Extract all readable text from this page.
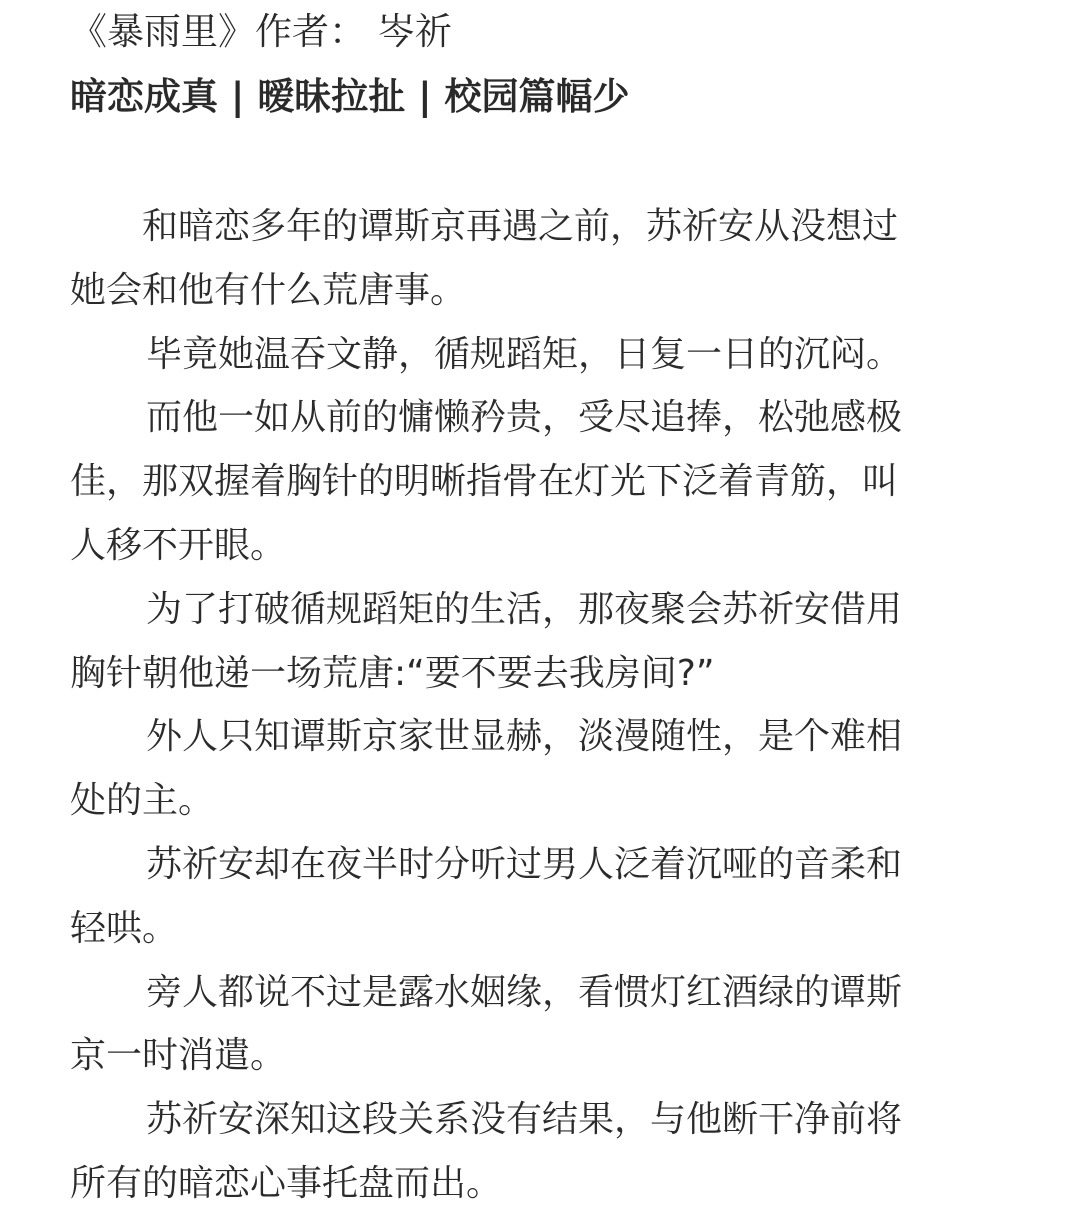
《暴雨里》作者： 岑祈
暗恋成真 | 暧昧拉扯 | 校园篇幅少

和暗恋多年的谭斯京再遇之前，苏祈安从没想过
她会和他有什么荒唐事。

毕竟她温吞文静，循规蹈矩，日复一日的沉闷。

而他一如从前的慵懒矜贵，受尽追捧，松弛感极
佳，那双握着胸针的明晰指骨在灯光下泛着青筋，叫
人移不开眼。

为了打破循规蹈矩的生活，那夜聚会苏祈安借用
胸针朝他递一场荒唐:“要不要去我房间?”

外人只知谭斯京家世显赫，淡漫随性，是个难相
处的主。

苏祈安却在夜半时分听过男人泛着沉哑的音柔和
轻哄。

旁人都说不过是露水姻缘，看惯灯红酒绿的谭斯
京一时消遣。

苏祈安深知这段关系没有结果，与他断干净前将
所有的暗恋心事托盘而出。
